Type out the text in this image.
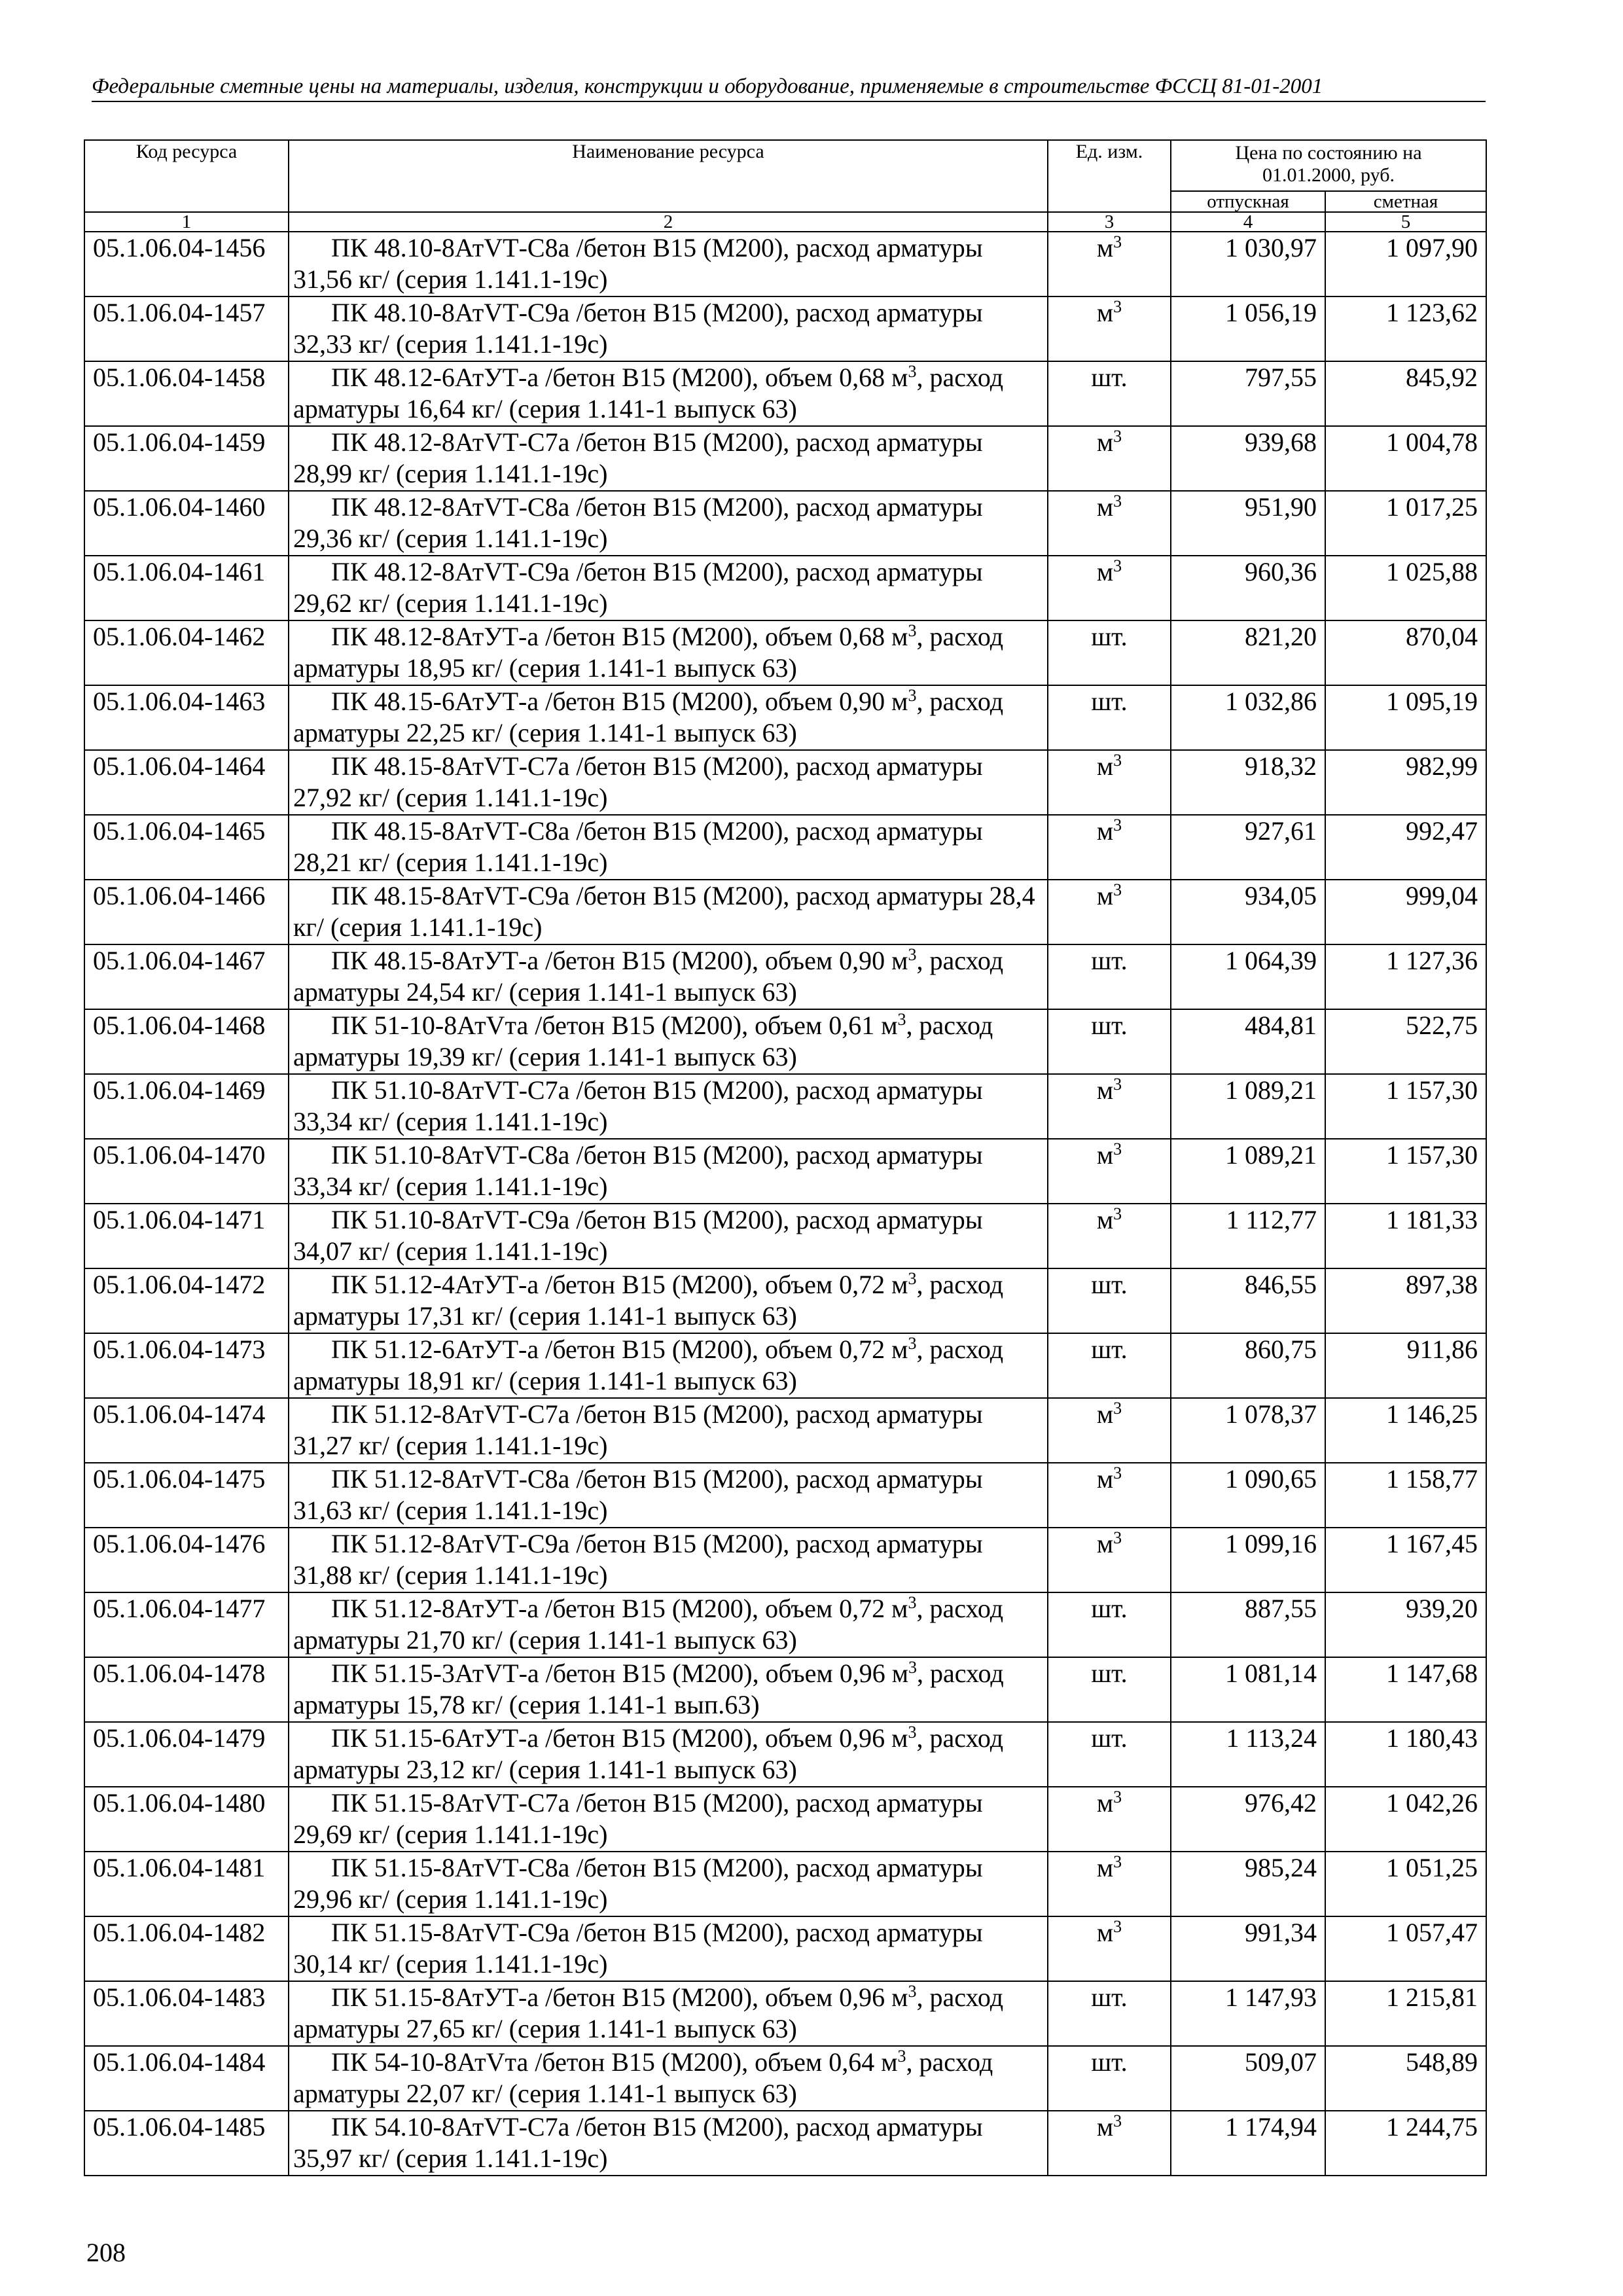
Федеральные сметные цены на материалы, изделия, конструкции и оборудование, применяемые в строительстве ФССЦ 81-01-2001
Код ресурса	Наименование ресурса	Ед. изм.	Цена по состоянию на 01.01.2000, руб.	
			отпускная	сметная
1	2	3	4	5
05.1.06.04-1456	ПК 48.10-8АтVТ-С8а /бетон В15 (М200), расход арматуры 31,56 кг/ (серия 1.141.1-19с)	$м^3$	1 030,97	1 097,90
05.1.06.04-1457	ПК 48.10-8АтVТ-С9а /бетон В15 (М200), расход арматуры 32,33 кг/ (серия 1.141.1-19с)	$м^3$	1 056,19	1 123,62
05.1.06.04-1458	ПК 48.12-6АтУТ-а /бетон В15 (М200), объем 0,68 $м^3$, расход арматуры 16,64 кг/ (серия 1.141-1 выпуск 63)	шт.	797,55	845,92
05.1.06.04-1459	ПК 48.12-8АтVТ-С7а /бетон В15 (М200), расход арматуры 28,99 кг/ (серия 1.141.1-19с)	$м^3$	939,68	1 004,78
05.1.06.04-1460	ПК 48.12-8АтVТ-С8а /бетон В15 (М200), расход арматуры 29,36 кг/ (серия 1.141.1-19с)	$м^3$	951,90	1 017,25
05.1.06.04-1461	ПК 48.12-8АтVТ-С9а /бетон В15 (М200), расход арматуры 29,62 кг/ (серия 1.141.1-19с)	$м^3$	960,36	1 025,88
05.1.06.04-1462	ПК 48.12-8АтУТ-а /бетон В15 (М200), объем 0,68 $м^3$, расход арматуры 18,95 кг/ (серия 1.141-1 выпуск 63)	шт.	821,20	870,04
05.1.06.04-1463	ПК 48.15-6АтУТ-а /бетон В15 (М200), объем 0,90 $м^3$, расход арматуры 22,25 кг/ (серия 1.141-1 выпуск 63)	шт.	1 032,86	1 095,19
05.1.06.04-1464	ПК 48.15-8АтVТ-С7а /бетон В15 (М200), расход арматуры 27,92 кг/ (серия 1.141.1-19с)	$м^3$	918,32	982,99
05.1.06.04-1465	ПК 48.15-8АтVТ-С8а /бетон В15 (М200), расход арматуры 28,21 кг/ (серия 1.141.1-19с)	$м^3$	927,61	992,47
05.1.06.04-1466	ПК 48.15-8АтVТ-С9а /бетон В15 (М200), расход арматуры 28,4 кг/ (серия 1.141.1-19с)	$м^3$	934,05	999,04
05.1.06.04-1467	ПК 48.15-8АтУТ-а /бетон В15 (М200), объем 0,90 $м^3$, расход арматуры 24,54 кг/ (серия 1.141-1 выпуск 63)	шт.	1 064,39	1 127,36
05.1.06.04-1468	ПК 51-10-8АтVта /бетон В15 (М200), объем 0,61 $м^3$, расход арматуры 19,39 кг/ (серия 1.141-1 выпуск 63)	шт.	484,81	522,75
05.1.06.04-1469	ПК 51.10-8АтVТ-С7а /бетон В15 (М200), расход арматуры 33,34 кг/ (серия 1.141.1-19с)	$м^3$	1 089,21	1 157,30
05.1.06.04-1470	ПК 51.10-8АтVТ-С8а /бетон В15 (М200), расход арматуры 33,34 кг/ (серия 1.141.1-19с)	$м^3$	1 089,21	1 157,30
05.1.06.04-1471	ПК 51.10-8АтVТ-С9а /бетон В15 (М200), расход арматуры 34,07 кг/ (серия 1.141.1-19с)	$м^3$	1 112,77	1 181,33
05.1.06.04-1472	ПК 51.12-4АтУТ-а /бетон В15 (М200), объем 0,72 $м^3$, расход арматуры 17,31 кг/ (серия 1.141-1 выпуск 63)	шт.	846,55	897,38
05.1.06.04-1473	ПК 51.12-6АтУТ-а /бетон В15 (М200), объем 0,72 $м^3$, расход арматуры 18,91 кг/ (серия 1.141-1 выпуск 63)	шт.	860,75	911,86
05.1.06.04-1474	ПК 51.12-8АтVТ-С7а /бетон В15 (М200), расход арматуры 31,27 кг/ (серия 1.141.1-19с)	$м^3$	1 078,37	1 146,25
05.1.06.04-1475	ПК 51.12-8АтVТ-С8а /бетон В15 (М200), расход арматуры 31,63 кг/ (серия 1.141.1-19с)	$м^3$	1 090,65	1 158,77
05.1.06.04-1476	ПК 51.12-8АтVТ-С9а /бетон В15 (М200), расход арматуры 31,88 кг/ (серия 1.141.1-19с)	$м^3$	1 099,16	1 167,45
05.1.06.04-1477	ПК 51.12-8АтУТ-а /бетон В15 (М200), объем 0,72 $м^3$, расход арматуры 21,70 кг/ (серия 1.141-1 выпуск 63)	шт.	887,55	939,20
05.1.06.04-1478	ПК 51.15-3АтVТ-а /бетон В15 (М200), объем 0,96 $м^3$, расход арматуры 15,78 кг/ (серия 1.141-1 вып.63)	шт.	1 081,14	1 147,68
05.1.06.04-1479	ПК 51.15-6АтУТ-а /бетон В15 (М200), объем 0,96 $м^3$, расход арматуры 23,12 кг/ (серия 1.141-1 выпуск 63)	шт.	1 113,24	1 180,43
05.1.06.04-1480	ПК 51.15-8АтVТ-С7а /бетон В15 (М200), расход арматуры 29,69 кг/ (серия 1.141.1-19с)	$м^3$	976,42	1 042,26
05.1.06.04-1481	ПК 51.15-8АтVТ-С8а /бетон В15 (М200), расход арматуры 29,96 кг/ (серия 1.141.1-19с)	$м^3$	985,24	1 051,25
05.1.06.04-1482	ПК 51.15-8АтVТ-С9а /бетон В15 (М200), расход арматуры 30,14 кг/ (серия 1.141.1-19с)	$м^3$	991,34	1 057,47
05.1.06.04-1483	ПК 51.15-8АтУТ-а /бетон В15 (М200), объем 0,96 $м^3$, расход арматуры 27,65 кг/ (серия 1.141-1 выпуск 63)	шт.	1 147,93	1 215,81
05.1.06.04-1484	ПК 54-10-8АтVта /бетон В15 (М200), объем 0,64 $м^3$, расход арматуры 22,07 кг/ (серия 1.141-1 выпуск 63)	шт.	509,07	548,89
05.1.06.04-1485	ПК 54.10-8АтVТ-С7а /бетон В15 (М200), расход арматуры 35,97 кг/ (серия 1.141.1-19с)	$м^3$	1 174,94	1 244,75
208
